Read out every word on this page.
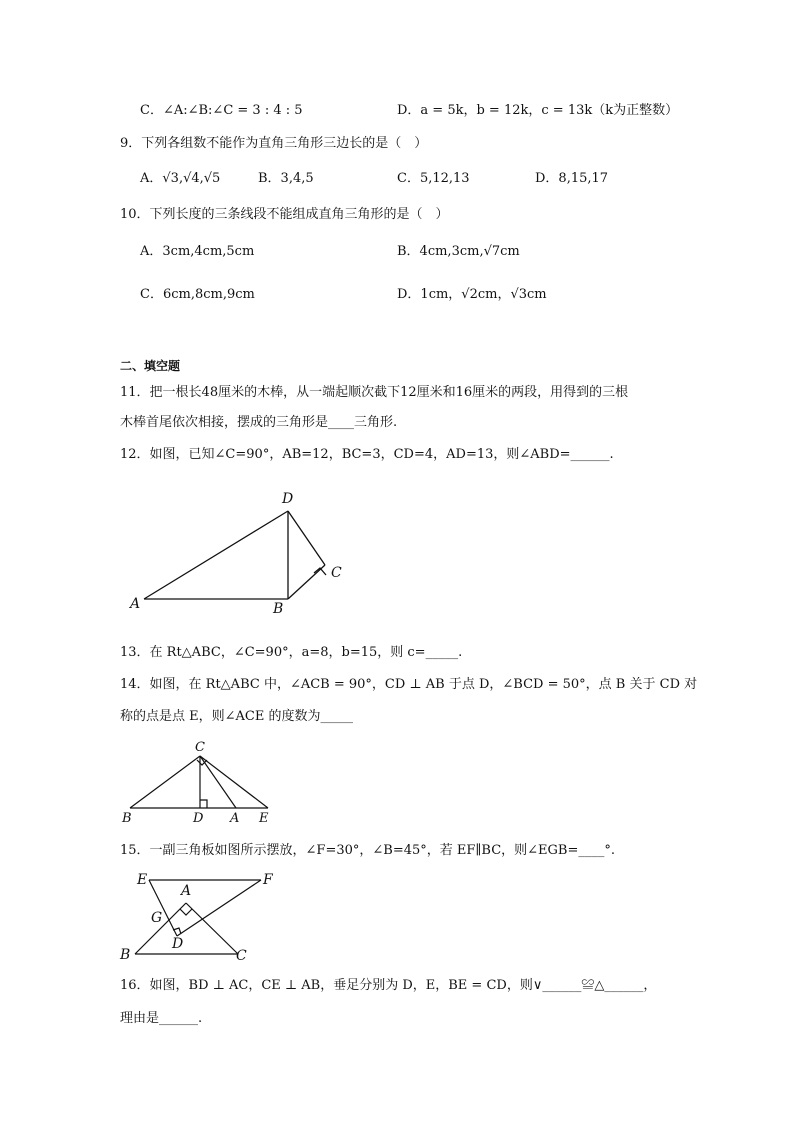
C．∠A:∠B:∠C = 3 : 4 : 5	D．a = 5k，b = 12k，c = 13k（k为正整数）
9．下列各组数不能作为直角三角形三边长的是（　）
A．√3,√4,√5	B．3,4,5	C．5,12,13	D．8,15,17
10．下列长度的三条线段不能组成直角三角形的是（　）
A．3cm,4cm,5cm	B．4cm,3cm,√7cm
C．6cm,8cm,9cm	D．1cm，√2cm，√3cm
二、填空题
11．把一根长48厘米的木棒，从一端起顺次截下12厘米和16厘米的两段，用得到的三根
木棒首尾依次相接，摆成的三角形是____三角形.
12．如图，已知∠C=90°，AB=12，BC=3，CD=4，AD=13，则∠ABD=______.
A	B
C
D
13．在 Rt△ABC，∠C=90°，a=8，b=15，则 c=_____.
14．如图，在 Rt△ABC 中，∠ACB = 90°，CD ⊥ AB 于点 D，∠BCD = 50°，点 B 关于 CD 对
称的点是点 E，则∠ACE 的度数为_____
C
B	D A E
15．一副三角板如图所示摆放，∠F=30°，∠B=45°，若 EF∥BC，则∠EGB=____°.
E	F
A
G
D
B	C
16．如图，BD ⊥ AC，CE ⊥ AB，垂足分别为 D，E，BE = CD，则∨______≌△______，
理由是______.
